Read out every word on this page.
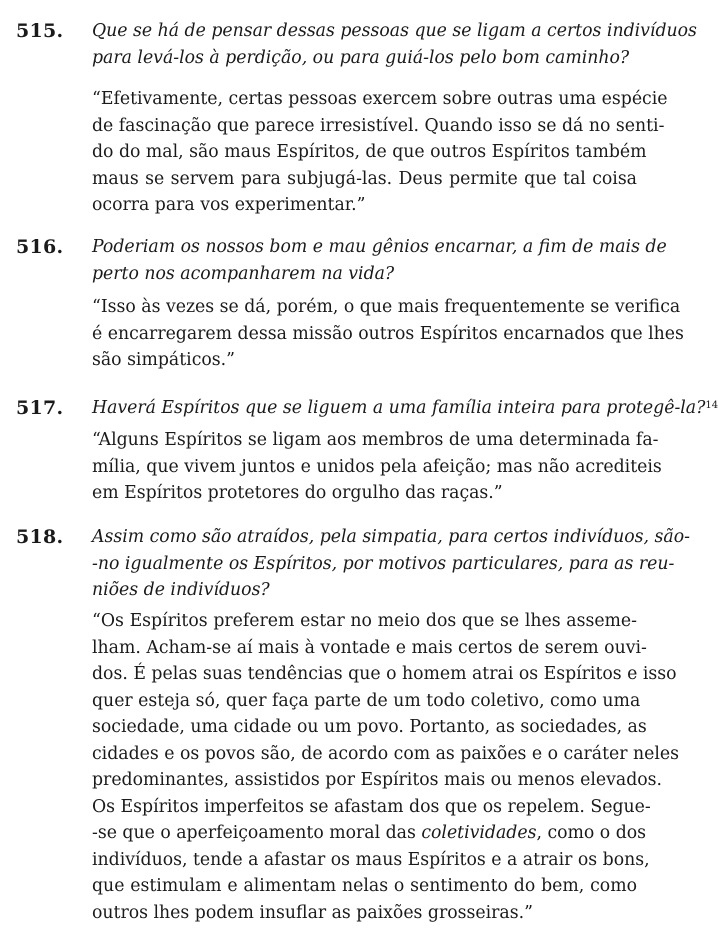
515. Que se há de pensar dessas pessoas que se ligam a certos indivíduos
para levá-los à perdição, ou para guiá-los pelo bom caminho?
“Efetivamente, certas pessoas exercem sobre outras uma espécie
de fascinação que parece irresistível. Quando isso se dá no senti-
do do mal, são maus Espíritos, de que outros Espíritos também
maus se servem para subjugá-las. Deus permite que tal coisa
ocorra para vos experimentar.”
516. Poderiam os nossos bom e mau gênios encarnar, a fim de mais de
perto nos acompanharem na vida?
“Isso às vezes se dá, porém, o que mais frequentemente se verifica
é encarregarem dessa missão outros Espíritos encarnados que lhes
são simpáticos.”
517. Haverá Espíritos que se liguem a uma família inteira para protegê-la?$^{14}$
“Alguns Espíritos se ligam aos membros de uma determinada fa-
mília, que vivem juntos e unidos pela afeição; mas não acrediteis
em Espíritos protetores do orgulho das raças.”
518. Assim como são atraídos, pela simpatia, para certos indivíduos, são-
-no igualmente os Espíritos, por motivos particulares, para as reu-
niões de indivíduos?
“Os Espíritos preferem estar no meio dos que se lhes asseme-
lham. Acham-se aí mais à vontade e mais certos de serem ouvi-
dos. É pelas suas tendências que o homem atrai os Espíritos e isso
quer esteja só, quer faça parte de um todo coletivo, como uma
sociedade, uma cidade ou um povo. Portanto, as sociedades, as
cidades e os povos são, de acordo com as paixões e o caráter neles
predominantes, assistidos por Espíritos mais ou menos elevados.
Os Espíritos imperfeitos se afastam dos que os repelem. Segue-
-se que o aperfeiçoamento moral das coletividades, como o dos
indivíduos, tende a afastar os maus Espíritos e a atrair os bons,
que estimulam e alimentam nelas o sentimento do bem, como
outros lhes podem insuflar as paixões grosseiras.”
